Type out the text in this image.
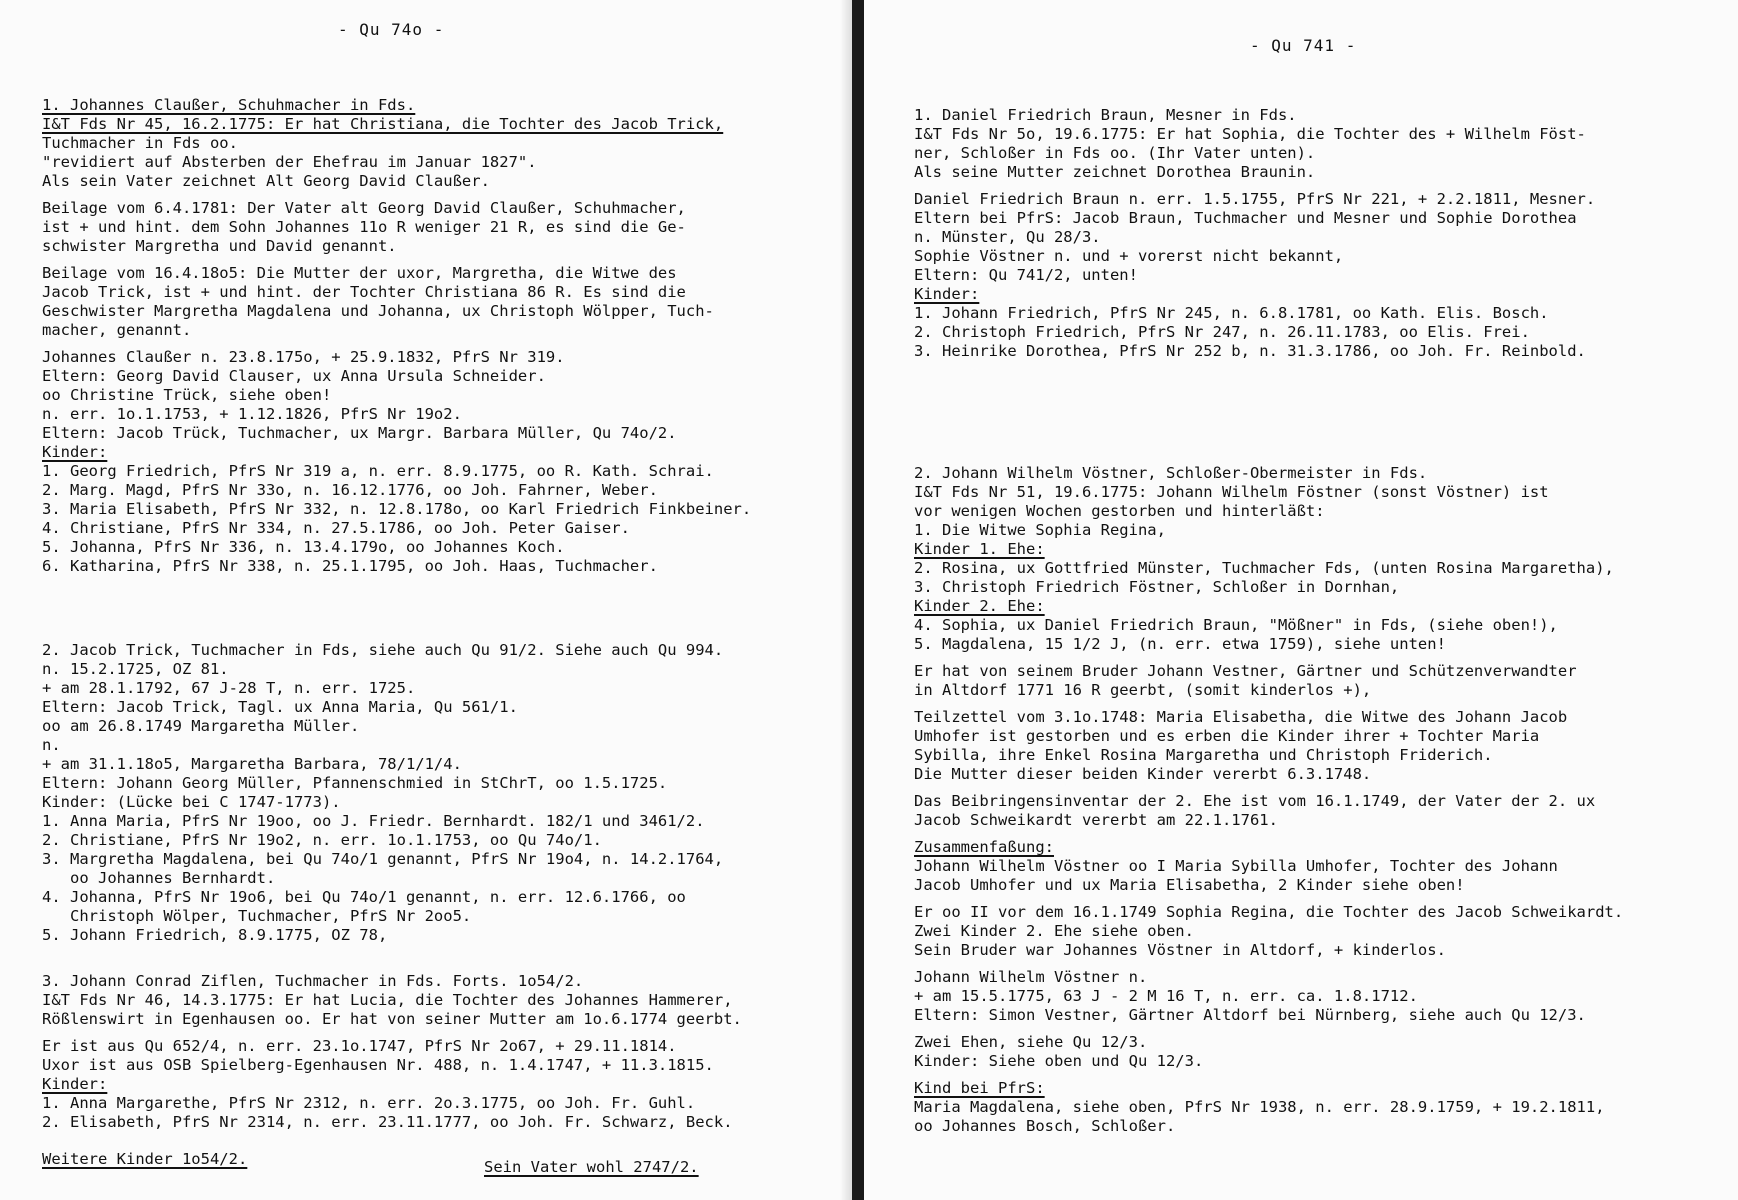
- Qu 74o -
1. Johannes Claußer, Schuhmacher in Fds.
I&T Fds Nr 45, 16.2.1775: Er hat Christiana, die Tochter des Jacob Trick,
Tuchmacher in Fds oo.
"revidiert auf Absterben der Ehefrau im Januar 1827".
Als sein Vater zeichnet Alt Georg David Claußer.
Beilage vom 6.4.1781: Der Vater alt Georg David Claußer, Schuhmacher,
ist + und hint. dem Sohn Johannes 11o R weniger 21 R, es sind die Ge-
schwister Margretha und David genannt.
Beilage vom 16.4.18o5: Die Mutter der uxor, Margretha, die Witwe des
Jacob Trick, ist + und hint. der Tochter Christiana 86 R. Es sind die
Geschwister Margretha Magdalena und Johanna, ux Christoph Wölpper, Tuch-
macher, genannt.
Johannes Claußer n. 23.8.175o, + 25.9.1832, PfrS Nr 319.
Eltern: Georg David Clauser, ux Anna Ursula Schneider.
oo Christine Trück, siehe oben!
n. err. 1o.1.1753, + 1.12.1826, PfrS Nr 19o2.
Eltern: Jacob Trück, Tuchmacher, ux Margr. Barbara Müller, Qu 74o/2.
Kinder:
1. Georg Friedrich, PfrS Nr 319 a, n. err. 8.9.1775, oo R. Kath. Schrai.
2. Marg. Magd, PfrS Nr 33o, n. 16.12.1776, oo Joh. Fahrner, Weber.
3. Maria Elisabeth, PfrS Nr 332, n. 12.8.178o, oo Karl Friedrich Finkbeiner.
4. Christiane, PfrS Nr 334, n. 27.5.1786, oo Joh. Peter Gaiser.
5. Johanna, PfrS Nr 336, n. 13.4.179o, oo Johannes Koch.
6. Katharina, PfrS Nr 338, n. 25.1.1795, oo Joh. Haas, Tuchmacher.
2. Jacob Trick, Tuchmacher in Fds, siehe auch Qu 91/2. Siehe auch Qu 994.
n. 15.2.1725, OZ 81.
+ am 28.1.1792, 67 J-28 T, n. err. 1725.
Eltern: Jacob Trick, Tagl. ux Anna Maria, Qu 561/1.
oo am 26.8.1749 Margaretha Müller.
n.
+ am 31.1.18o5, Margaretha Barbara, 78/1/1/4.
Eltern: Johann Georg Müller, Pfannenschmied in StChrT, oo 1.5.1725.
Kinder: (Lücke bei C 1747-1773).
1. Anna Maria, PfrS Nr 19oo, oo J. Friedr. Bernhardt. 182/1 und 3461/2.
2. Christiane, PfrS Nr 19o2, n. err. 1o.1.1753, oo Qu 74o/1.
3. Margretha Magdalena, bei Qu 74o/1 genannt, PfrS Nr 19o4, n. 14.2.1764,
oo Johannes Bernhardt.
4. Johanna, PfrS Nr 19o6, bei Qu 74o/1 genannt, n. err. 12.6.1766, oo
Christoph Wölper, Tuchmacher, PfrS Nr 2oo5.
5. Johann Friedrich, 8.9.1775, OZ 78,
3. Johann Conrad Ziflen, Tuchmacher in Fds. Forts. 1o54/2.
I&T Fds Nr 46, 14.3.1775: Er hat Lucia, die Tochter des Johannes Hammerer,
Rößlenswirt in Egenhausen oo. Er hat von seiner Mutter am 1o.6.1774 geerbt.
Er ist aus Qu 652/4, n. err. 23.1o.1747, PfrS Nr 2o67, + 29.11.1814.
Uxor ist aus OSB Spielberg-Egenhausen Nr. 488, n. 1.4.1747, + 11.3.1815.
Kinder:
1. Anna Margarethe, PfrS Nr 2312, n. err. 2o.3.1775, oo Joh. Fr. Guhl.
2. Elisabeth, PfrS Nr 2314, n. err. 23.11.1777, oo Joh. Fr. Schwarz, Beck.
Weitere Kinder 1o54/2.	Sein Vater wohl 2747/2.
- Qu 741 -
1. Daniel Friedrich Braun, Mesner in Fds.
I&T Fds Nr 5o, 19.6.1775: Er hat Sophia, die Tochter des + Wilhelm Föst-
ner, Schloßer in Fds oo. (Ihr Vater unten).
Als seine Mutter zeichnet Dorothea Braunin.
Daniel Friedrich Braun n. err. 1.5.1755, PfrS Nr 221, + 2.2.1811, Mesner.
Eltern bei PfrS: Jacob Braun, Tuchmacher und Mesner und Sophie Dorothea
n. Münster, Qu 28/3.
Sophie Vöstner n. und + vorerst nicht bekannt,
Eltern: Qu 741/2, unten!
Kinder:
1. Johann Friedrich, PfrS Nr 245, n. 6.8.1781, oo Kath. Elis. Bosch.
2. Christoph Friedrich, PfrS Nr 247, n. 26.11.1783, oo Elis. Frei.
3. Heinrike Dorothea, PfrS Nr 252 b, n. 31.3.1786, oo Joh. Fr. Reinbold.
2. Johann Wilhelm Vöstner, Schloßer-Obermeister in Fds.
I&T Fds Nr 51, 19.6.1775: Johann Wilhelm Föstner (sonst Vöstner) ist
vor wenigen Wochen gestorben und hinterläßt:
1. Die Witwe Sophia Regina,
Kinder 1. Ehe:
2. Rosina, ux Gottfried Münster, Tuchmacher Fds, (unten Rosina Margaretha),
3. Christoph Friedrich Föstner, Schloßer in Dornhan,
Kinder 2. Ehe:
4. Sophia, ux Daniel Friedrich Braun, "Mößner" in Fds, (siehe oben!),
5. Magdalena, 15 1/2 J, (n. err. etwa 1759), siehe unten!
Er hat von seinem Bruder Johann Vestner, Gärtner und Schützenverwandter
in Altdorf 1771 16 R geerbt, (somit kinderlos +),
Teilzettel vom 3.1o.1748: Maria Elisabetha, die Witwe des Johann Jacob
Umhofer ist gestorben und es erben die Kinder ihrer + Tochter Maria
Sybilla, ihre Enkel Rosina Margaretha und Christoph Friderich.
Die Mutter dieser beiden Kinder vererbt 6.3.1748.
Das Beibringensinventar der 2. Ehe ist vom 16.1.1749, der Vater der 2. ux
Jacob Schweikardt vererbt am 22.1.1761.
Zusammenfaßung:
Johann Wilhelm Vöstner oo I Maria Sybilla Umhofer, Tochter des Johann
Jacob Umhofer und ux Maria Elisabetha, 2 Kinder siehe oben!
Er oo II vor dem 16.1.1749 Sophia Regina, die Tochter des Jacob Schweikardt.
Zwei Kinder 2. Ehe siehe oben.
Sein Bruder war Johannes Vöstner in Altdorf, + kinderlos.
Johann Wilhelm Vöstner n.
+ am 15.5.1775, 63 J - 2 M 16 T, n. err. ca. 1.8.1712.
Eltern: Simon Vestner, Gärtner Altdorf bei Nürnberg, siehe auch Qu 12/3.
Zwei Ehen, siehe Qu 12/3.
Kinder: Siehe oben und Qu 12/3.
Kind bei PfrS:
Maria Magdalena, siehe oben, PfrS Nr 1938, n. err. 28.9.1759, + 19.2.1811,
oo Johannes Bosch, Schloßer.
